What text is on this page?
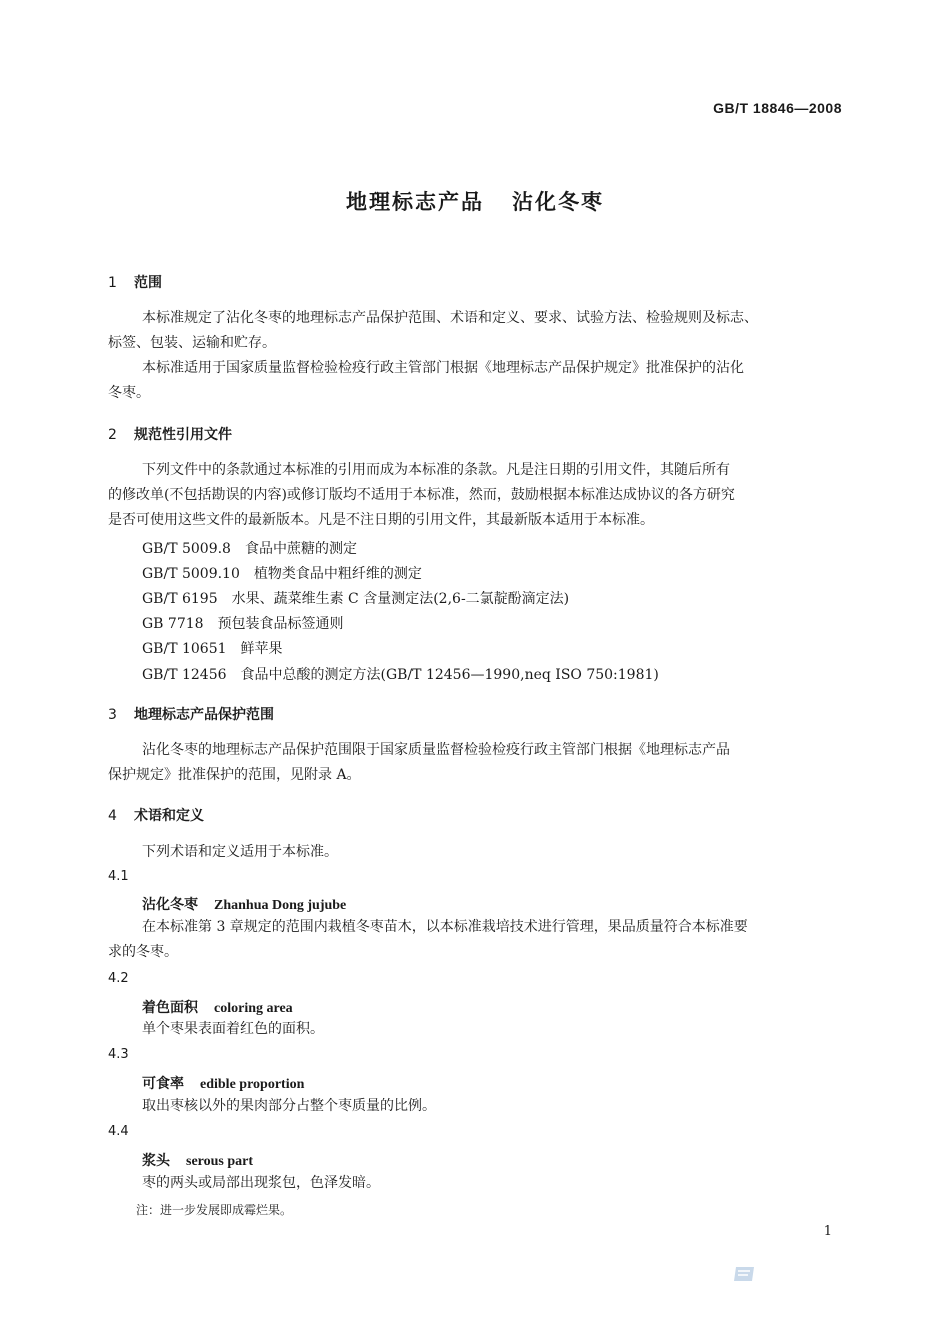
GB/T 18846—2008
地理标志产品 沾化冬枣
1 范围
本标准规定了沾化冬枣的地理标志产品保护范围、术语和定义、要求、试验方法、检验规则及标志、
标签、包装、运输和贮存。
本标准适用于国家质量监督检验检疫行政主管部门根据《地理标志产品保护规定》批准保护的沾化
冬枣。
2 规范性引用文件
下列文件中的条款通过本标准的引用而成为本标准的条款。凡是注日期的引用文件，其随后所有
的修改单(不包括勘误的内容)或修订版均不适用于本标准，然而，鼓励根据本标准达成协议的各方研究
是否可使用这些文件的最新版本。凡是不注日期的引用文件，其最新版本适用于本标准。
GB/T 5009.8 食品中蔗糖的测定
GB/T 5009.10 植物类食品中粗纤维的测定
GB/T 6195 水果、蔬菜维生素 C 含量测定法(2,6-二氯靛酚滴定法)
GB 7718 预包装食品标签通则
GB/T 10651 鲜苹果
GB/T 12456 食品中总酸的测定方法(GB/T 12456—1990,neq ISO 750:1981)
3 地理标志产品保护范围
沾化冬枣的地理标志产品保护范围限于国家质量监督检验检疫行政主管部门根据《地理标志产品
保护规定》批准保护的范围，见附录 A。
4 术语和定义
下列术语和定义适用于本标准。
4.1
沾化冬枣 Zhanhua Dong jujube
在本标准第 3 章规定的范围内栽植冬枣苗木，以本标准栽培技术进行管理，果品质量符合本标准要
求的冬枣。
4.2
着色面积 coloring area
单个枣果表面着红色的面积。
4.3
可食率 edible proportion
取出枣核以外的果肉部分占整个枣质量的比例。
4.4
浆头 serous part
枣的两头或局部出现浆包，色泽发暗。
注：进一步发展即成霉烂果。
1
